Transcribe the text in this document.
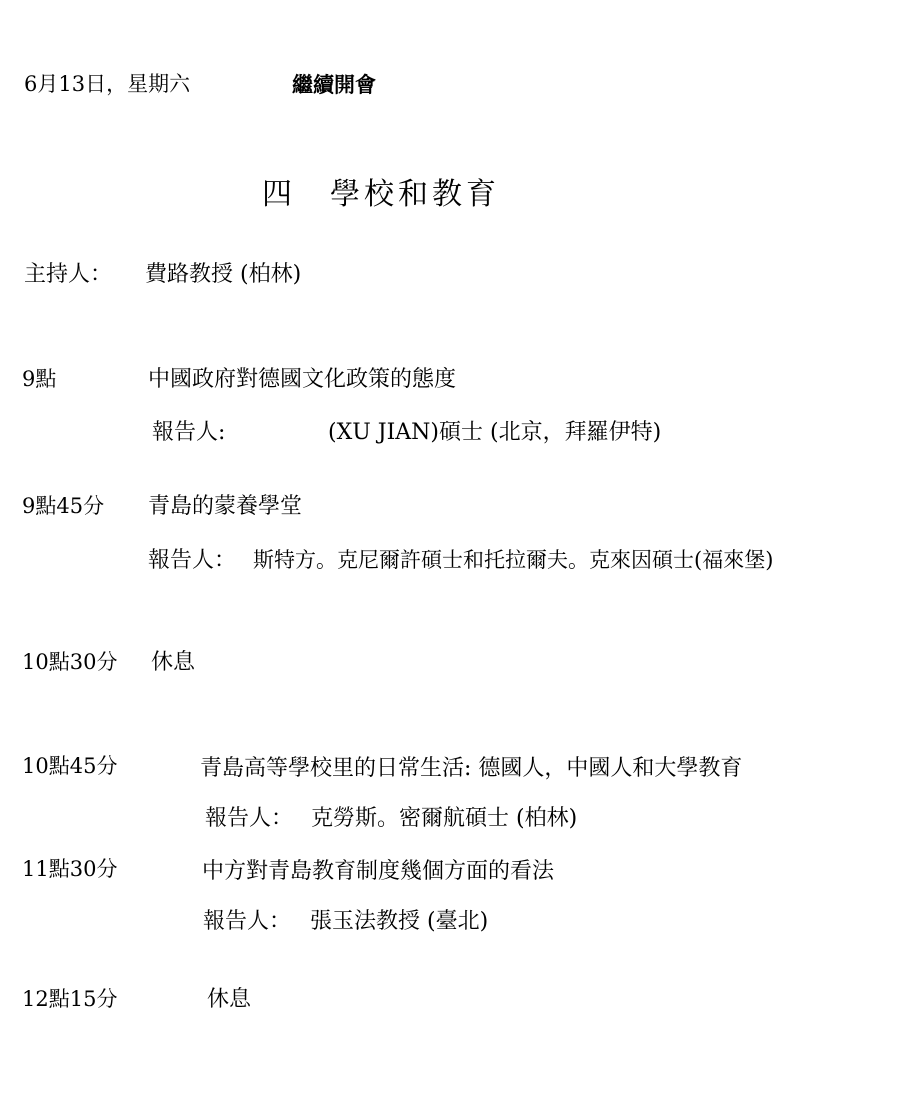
6月13日，星期六	繼續開會
四　學校和教育
主持人： 費路教授 (柏林)
9點	中國政府對德國文化政策的態度
報告人:	(XU JIAN)碩士 (北京，拜羅伊特)
9點45分 青島的蒙養學堂
報告人： 斯特方。克尼爾許碩士和托拉爾夫。克來因碩士(福來堡)
10點30分 休息
10點45分	青島高等學校里的日常生活: 德國人，中國人和大學教育
報告人： 克勞斯。密爾航碩士 (柏林)
11點30分	中方對青島教育制度幾個方面的看法
報告人： 張玉法教授 (臺北)
12點15分	休息
